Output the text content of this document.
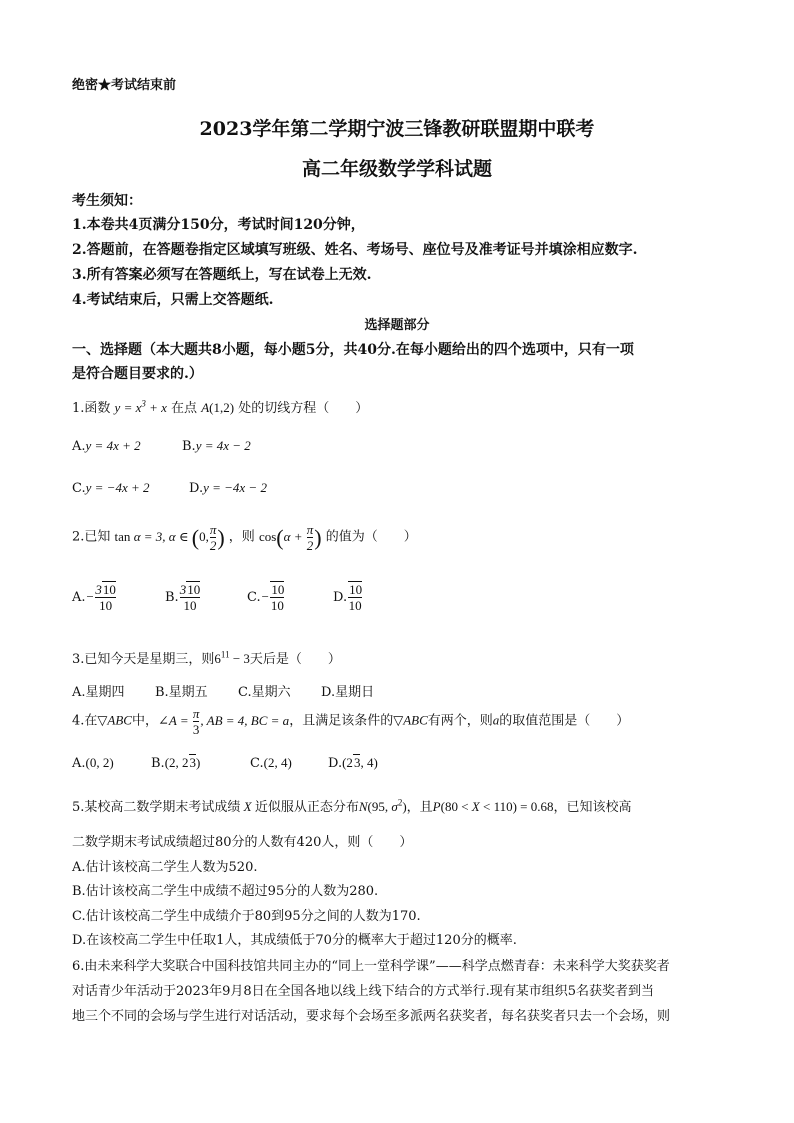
绝密★考试结束前
2023学年第二学期宁波三锋教研联盟期中联考
高二年级数学学科试题
考生须知：
1.本卷共4页满分150分，考试时间120分钟，
2.答题前，在答题卷指定区域填写班级、姓名、考场号、座位号及准考证号并填涂相应数字.
3.所有答案必须写在答题纸上，写在试卷上无效.
4.考试结束后，只需上交答题纸.
选择题部分
一、选择题（本大题共8小题，每小题5分，共40分.在每小题给出的四个选项中，只有一项
是符合题目要求的.）
1.函数 $y = x^3 + x$ 在点 A(1,2) 处的切线方程（　　）
A.y = 4x + 2	B.y = 4x − 2
C.y = −4x + 2	D.y = −4x − 2
2.已知 tan α = 3, α ∈ (0, $\frac{\pi}{2}$ ) ，则 $\cos(\alpha + \frac{\pi}{2}$ ) 的值为（　　）
$A.- \frac{310}{10}$	B. $\frac{310}{10}$	$C.- \frac{10}{10}$	D. $\frac{10}{10}$
3.已知今天是星期三，则$6^{11} - 3$天后是（　　）
A.星期四 B.星期五 C.星期六 D.星期日
4.在▽ABC中，∠A = $\frac{\pi}{3}$ , AB = 4, BC = a，且满足该条件的▽ABC有两个，则a的取值范围是（　　）
A.(0, 2)	B.(2, 23)	C.(2, 4)	D.(23, 4)
5.某校高二数学期末考试成绩 X 近似服从正态分布N(95, $\sigma^2$)，且P(80 < X < 110) = 0.68，已知该校高
二数学期末考试成绩超过80分的人数有420人，则（　　）
A.估计该校高二学生人数为520.
B.估计该校高二学生中成绩不超过95分的人数为280.
C.估计该校高二学生中成绩介于80到95分之间的人数为170.
D.在该校高二学生中任取1人，其成绩低于70分的概率大于超过120分的概率.
6.由未来科学大奖联合中国科技馆共同主办的“同上一堂科学课”——科学点燃青春：未来科学大奖获奖者
对话青少年活动于2023年9月8日在全国各地以线上线下结合的方式举行.现有某市组织5名获奖者到当
地三个不同的会场与学生进行对话活动，要求每个会场至多派两名获奖者，每名获奖者只去一个会场，则
